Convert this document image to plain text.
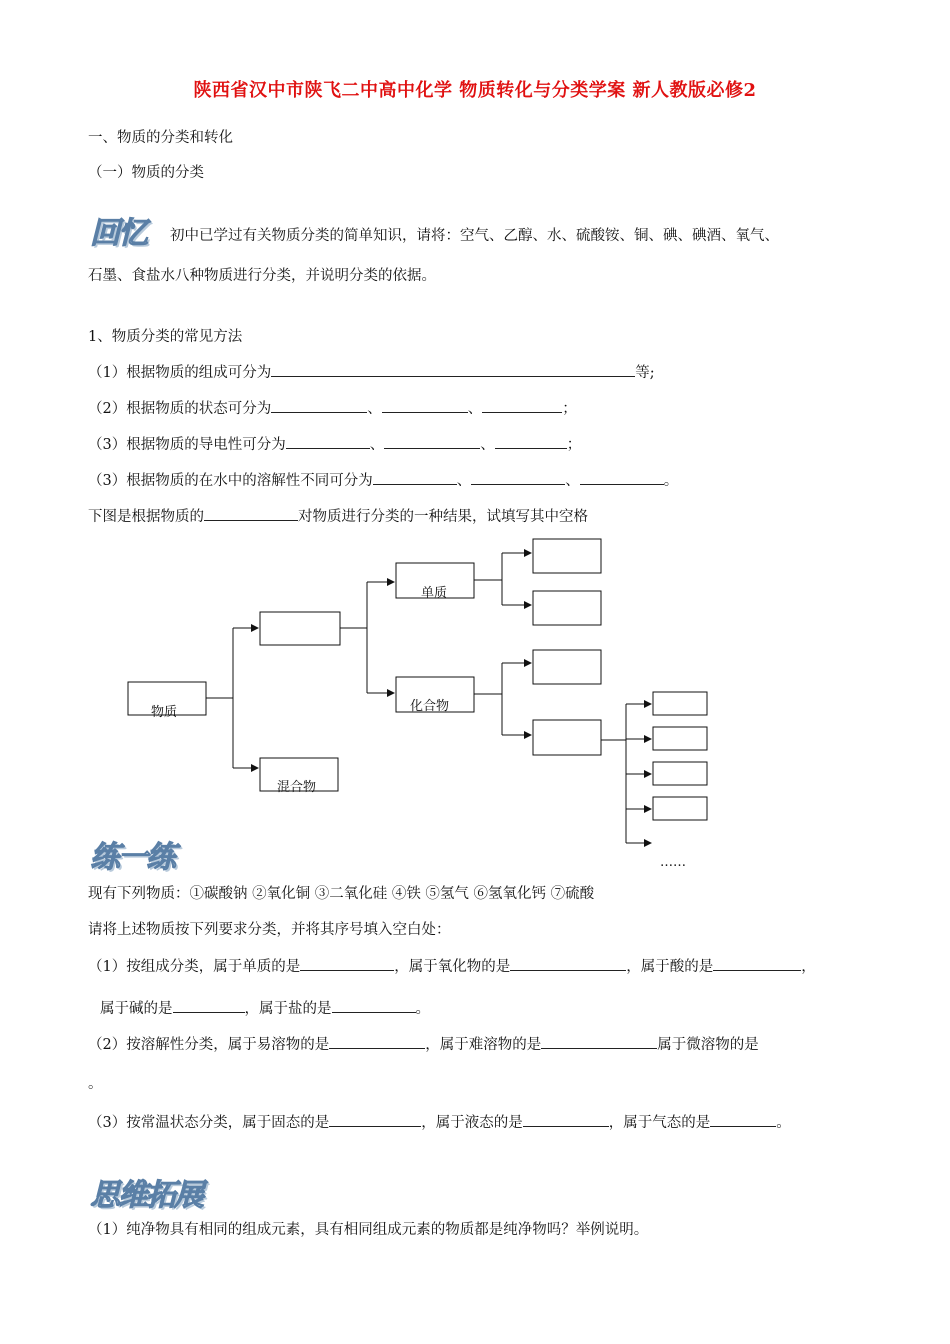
陕西省汉中市陕飞二中高中化学 物质转化与分类学案 新人教版必修2
一、物质的分类和转化
（一）物质的分类
回忆 初中已学过有关物质分类的简单知识，请将：空气、乙醇、水、硫酸铵、铜、碘、碘酒、氧气、
石墨、食盐水八种物质进行分类，并说明分类的依据。
1、物质分类的常见方法
（1）根据物质的组成可分为	等;
（2）根据物质的状态可分为	、	、	；
（3）根据物质的导电性可分为	、	、	；
（3）根据物质的在水中的溶解性不同可分为	、	、	。
下图是根据物质的	对物质进行分类的一种结果，试填写其中空格
物质
混合物
单质
化合物
……
练一练
现有下列物质：①碳酸钠 ②氧化铜 ③二氧化硅 ④铁 ⑤氢气 ⑥氢氧化钙 ⑦硫酸
请将上述物质按下列要求分类，并将其序号填入空白处：
（1）按组成分类，属于单质的是	，属于氧化物的是	，属于酸的是	，
属于碱的是	，属于盐的是	。
（2）按溶解性分类，属于易溶物的是	，属于难溶物的是	属于微溶物的是
。
（3）按常温状态分类，属于固态的是	，属于液态的是	，属于气态的是	。
思维拓展
（1）纯净物具有相同的组成元素，具有相同组成元素的物质都是纯净物吗？举例说明。
